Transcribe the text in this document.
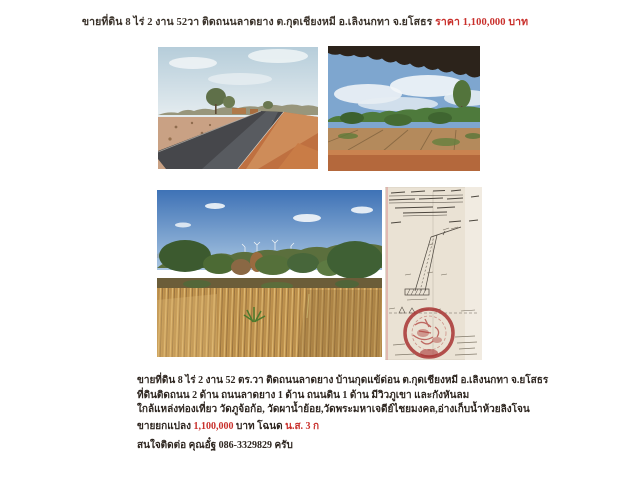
ขายที่ดิน 8 ไร่ 2 งาน 52วา ติดถนนลาดยาง ต.กุดเชียงหมี อ.เลิงนกทา จ.ยโสธร ราคา 1,100,000 บาท
ขายที่ดิน 8 ไร่ 2 งาน 52 ตร.วา ติดถนนลาดยาง บ้านกุดแข้ด่อน ต.กุดเชียงหมี อ.เลิงนกทา จ.ยโสธร
ที่ดินติดถนน 2 ด้าน ถนนลาดยาง 1 ด้าน ถนนดิน 1 ด้าน มีวิวภูเขา และกังหันลม
ใกล้แหล่งท่องเที่ยว วัดภูจ้อก้อ, วัดผาน้ำย้อย,วัดพระมหาเจดีย์ไชยมงคล,อ่างเก็บน้ำห้วยลิงโจน
ขายยกแปลง 1,100,000 บาท โฉนด น.ส. 3 ก
สนใจติดต่อ คุณอั๋ฐ 086-3329829 ครับ
